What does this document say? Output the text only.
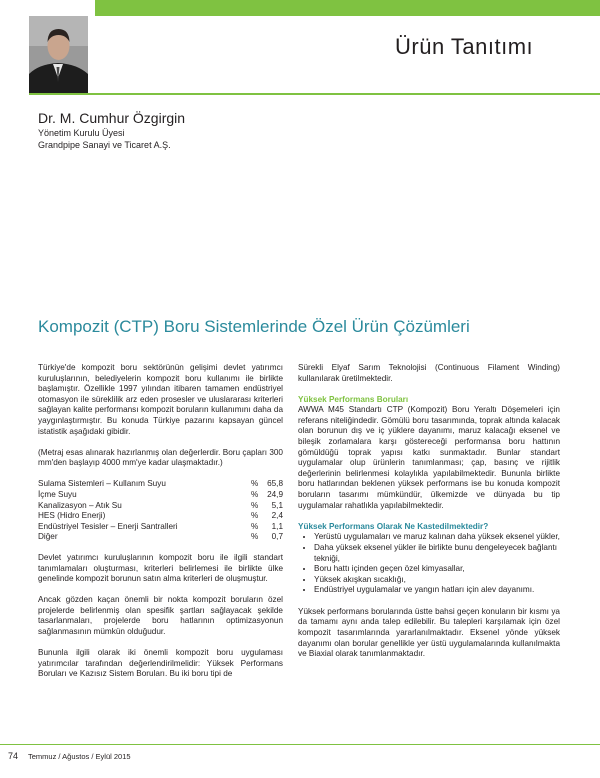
Ürün Tanıtımı
Dr. M. Cumhur Özgirgin
Yönetim Kurulu Üyesi
Grandpipe Sanayi ve Ticaret A.Ş.
Kompozit (CTP) Boru Sistemlerinde Özel Ürün Çözümleri

Türkiye'de kompozit boru sektörünün gelişimi devlet yatırımcı kuruluşlarının, belediyelerin kompozit boru kullanımı ile birlikte başlamıştır. Özellikle 1997 yılından itibaren tamamen endüstriyel otomasyon ile süreklilik arz eden prosesler ve uluslararası kriterleri sağlayan kalite performansı kompozit boruların kullanımını daha da yaygınlaştırmıştır. Bu konuda Türkiye pazarını kapsayan güncel istatistik aşağıdaki gibidir.

(Metraj esas alınarak hazırlanmış olan değerlerdir. Boru çapları 300 mm'den başlayıp 4000 mm'ye kadar ulaşmaktadır.)

Sulama Sistemleri – Kullanım Suyu	%	65,8
İçme Suyu	%	24,9
Kanalizasyon – Atık Su	%	5,1
HES (Hidro Enerji)	%	2,4
Endüstriyel Tesisler – Enerji Santralleri	%	1,1
Diğer	%	0,7

Devlet yatırımcı kuruluşlarının kompozit boru ile ilgili standart tanımlamaları oluşturması, kriterleri belirlemesi ile birlikte ülke genelinde kompozit borunun satın alma kriterleri de oluşmuştur.

Ancak gözden kaçan önemli bir nokta kompozit boruların özel projelerde belirlenmiş olan spesifik şartları sağlayacak şekilde tasarlanmaları, projelerde boru hatlarının optimizasyonun sağlanmasının mümkün olduğudur.

Bununla ilgili olarak iki önemli kompozit boru uygulaması yatırımcılar tarafından değerlendirilmelidir: Yüksek Performans Boruları ve Kazısız Sistem Boruları. Bu iki boru tipi de

Sürekli Elyaf Sarım Teknolojisi (Continuous Filament Winding) kullanılarak üretilmektedir.

Yüksek Performans Boruları

AWWA M45 Standartı CTP (Kompozit) Boru Yeraltı Döşemeleri için referans niteliğindedir. Gömülü boru tasarımında, toprak altında kalacak olan borunun dış ve iç yüklere dayanımı, maruz kalacağı eksenel ve bileşik zorlamalara karşı göstereceği performansa boru hattının gömüldüğü toprak yapısı katkı sunmaktadır. Bunlar standart uygulamalar olup ürünlerin tanımlanması; çap, basınç ve rijitlik değerlerinin belirlenmesi kolaylıkla yapılabilmektedir. Bununla birlikte boru hatlarından beklenen yüksek performans ise bu konuda kompozit boruların tasarımı mümkündür, ülkemizde ve dünyada bu tip uygulamalar rahatlıkla yapılabilmektedir.

Yüksek Performans Olarak Ne Kastedilmektedir?
• Yerüstü uygulamaları ve maruz kalınan daha yüksek eksenel yükler,
• Daha yüksek eksenel yükler ile birlikte bunu dengeleyecek bağlantı tekniği,
• Boru hattı içinden geçen özel kimyasallar,
• Yüksek akışkan sıcaklığı,
• Endüstriyel uygulamalar ve yangın hatları için alev dayanımı.

Yüksek performans borularında üstte bahsi geçen konuların bir kısmı ya da tamamı aynı anda talep edilebilir. Bu talepleri karşılamak için özel kompozit tasarımlarında yararlanılmaktadır. Eksenel yönde yüksek dayanımı olan borular genellikle yer üstü uygulamalarında kullanılmakta ve Biaxial olarak tanımlanmaktadır.

74 Temmuz / Ağustos / Eylül 2015
